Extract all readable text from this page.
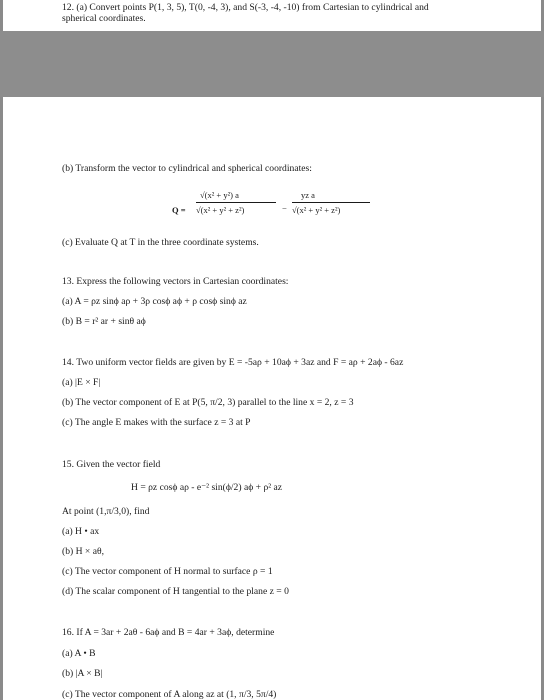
12. (a) Convert points P(1, 3, 5), T(0, -4, 3), and S(-3, -4, -10) from Cartesian to cylindrical and
spherical coordinates.
(b) Transform the vector to cylindrical and spherical coordinates:
Q =
√(x² + y²) a
√(x² + y² + z²)	−
yz a
√(x² + y² + z²)
(c) Evaluate Q at T in the three coordinate systems.
13. Express the following vectors in Cartesian coordinates:
(a) A = ρz sinϕ aρ + 3ρ cosϕ aϕ + ρ cosϕ sinϕ az
(b) B = r² ar + sinθ aϕ
14. Two uniform vector fields are given by E = -5aρ + 10aϕ + 3az and F = aρ + 2aϕ - 6az
(a) |E × F|
(b) The vector component of E at P(5, π/2, 3) parallel to the line x = 2, z = 3
(c) The angle E makes with the surface z = 3 at P
15. Given the vector field
H = ρz cosϕ aρ - e⁻² sin(ϕ/2) aϕ + ρ² az
At point (1,π/3,0), find
(a) H • ax
(b) H × aθ,
(c) The vector component of H normal to surface ρ = 1
(d) The scalar component of H tangential to the plane z = 0
16. If A = 3ar + 2aθ - 6aϕ and B = 4ar + 3aϕ, determine
(a) A • B
(b) |A × B|
(c) The vector component of A along az at (1, π/3, 5π/4)
